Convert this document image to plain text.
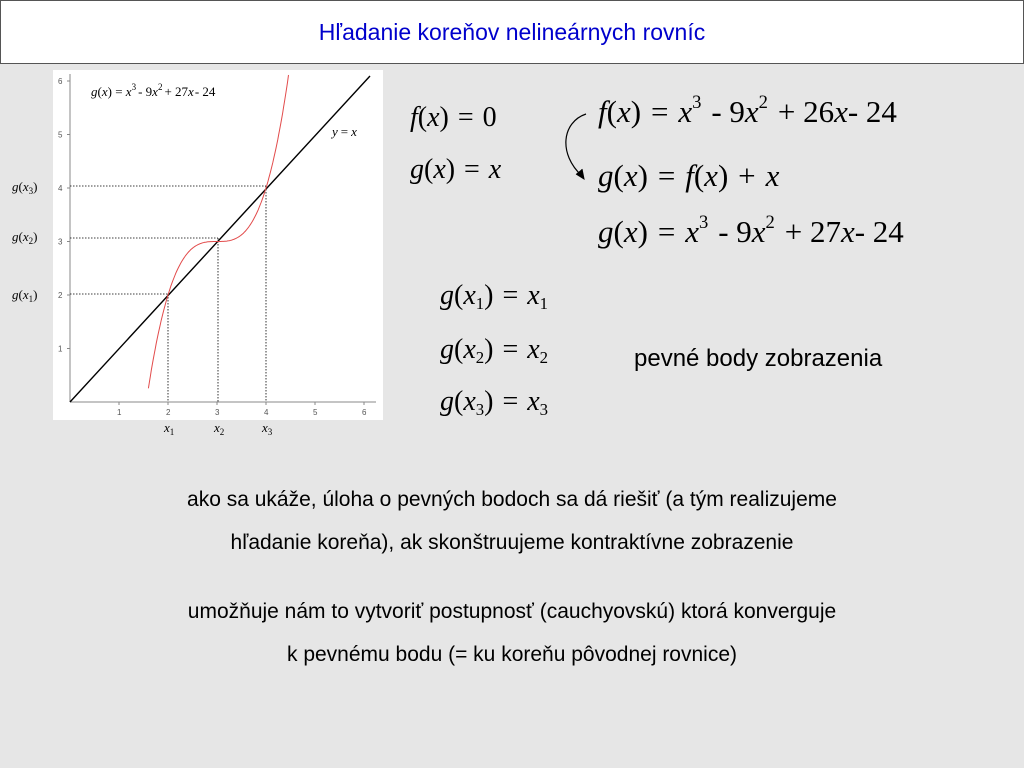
Hľadanie koreňov nelineárnych rovníc
1	2	3	4	5	6
1
2
3
4
5
6
$g(x) = x^3 - 9x^2 + 27x-$ 24
y = x
$g(x_3)$
$g(x_2)$
$g(x_1)$
$x_1$	$x_2$	$x_3$
f(x) = 0
g(x) = x
$f(x) = x^3 - 9x^2 + 26x-$ 24
g(x) = f(x) + x
$g(x) = x^3 - 9x^2 + 27x-$ 24
$g(x_1) = x_1$
$g(x_2) = x_2$
$g(x_3) = x_3$
pevné body zobrazenia

ako sa ukáže, úloha o pevných bodoch sa dá riešiť (a tým realizujeme

hľadanie koreňa), ak skonštruujeme kontraktívne zobrazenie

umožňuje nám to vytvoriť postupnosť (cauchyovskú) ktorá konverguje

k pevnému bodu (= ku koreňu pôvodnej rovnice)
